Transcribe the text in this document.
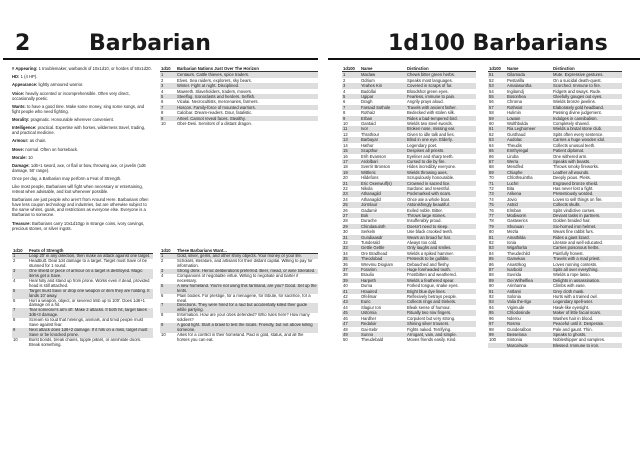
2	Barbarian	1d100 Barbarians

# Appearing: 1 troublemaker, warbands of 10x1d10, or hordes of 50x1d20.

HD: 1 (4 HP).

Appearance: lightly armoured warrior.

Voice: heavily accented or incomprehensible. Often very direct, occasionally poetic.

Wants: to have a good time. Make some money, sing some songs, and fight people who need fighting.

Morality: pragmatic. Honourable wherever convenient.

Intelligence: practical. Expertise with horses, wilderness travel, trading, and practical medicine.

Armour: as chain.

Move: normal. Often on horseback.

Morale: 10

Damage: 1d6+1 sword, axe, or flail or bow, throwing axe, or javelin (1d6 damage, 50' range).

Once per day, a Barbarian may perform a Feat of Strength.

Like most people, Barbarians will fight when necessary or entertaining, retreat when advisable, and loot whenever possible.

Barbarians are just people who aren't from Around Here. Barbarians often have less coupon technology and industries, but are otherwise subject to the same whims, goals, and restrictions as everyone else. Everyone is a Barbarian to someone.

Treasure: Barbarians carry 10x1d10gp in strange coins, ivory carvings, precious stones, or silver ingots.

1d10	Feats of Strength
1	Leap 20' in any direction, then make an attack against one target.
2	Headbutt. Deal 1d4 damage to a target. Target must Save or be stunned for 1 round.
3	One shield or piece of armour on a target is destroyed. Magic items get a Save.
4	Heal fully and stand up from prone. Works even if dead, provided head is still attached.
5	Target must Save or drop one weapon or item they are holding. It lands 10' away.
6	Hurl a weapon, object, or severed limb up to 100'. Does 1d6+1 damage on a hit.
7	Tear someone's arm off. Make 2 attacks. If both hit, target takes 3d6+3 damage.
8	Scream so loud that hirelings, animals, and timid people must Save against fear.
9	Next attack does 1d6+2 damage. If it hits on a miss, target must Save or be knocked prone.
10	Burst bonds, break chains, topple pillars, or annihilate doors. Break something.
1d10	Barbarian Nations Just Over The Horizon
1	Centaurs. Cattle thieves, spice traders.
2	Elves. Sea raiders, explorers, sky bears.
3	Winter. Fight at night. Disciplined.
4	Mawreth. Slaveholders, traders, movers.
5	Steelfog. Iconoclasts and herders. Selfish.
6	Vicalai. Necrocultists, mercenaries, farmers.
7	Hoscon. Family-force of mounted warriors.
8	Calcibar. Dream-readers. Dour, fatalistic.
9	Arteel. Cannot reveal faces. Stealthy.
10	Ober-Desi. Servitors of a distant dragon.
1d10	These Barbarians Want...
1	Gold, silver, gems, and other shiny objects. Your money or your life.
2	Scholars, literature, and artisans for their distant capital. Willing to pay for information.
3	Strong drink. Heroic deliberations preferred. Beer, mead, or wine tolerated.
4	Companions of negotiable virtue. Willing to negotiate and barter if necessary.
5	A new homeland. You're not using this farmland, are you? Good. Set up the tents.
6	Plain bodies. For prestige, for a menagerie, for tribute, for sacrifice, for a meal.
7	Directions. They were hired for a raid but accidentally killed their guide while partying.
8	Information. How are your cities defended? Who rules here? How many soldiers?
9	A good fight. Start a brawl to test the locals. Friendly, but not above killing someone.
10	Allies for a conflict in their homeland. Paid in gold, status, and all the horses you can eat.
1d100	Name	Distinction
1	Maclaw	Chews bitter green herbs.
2	Odrium	Speaks most languages.
3	Yeahes Kin	Covered in scraps of fur.
4	Badollai	Bloodshot green eyes.
5	Ugipar	Fearless, immune to pain.
6	Dragh	Angrily prays aloud.
7	Farsaid Sothole	Travels with ancient father.
8	Rothaiz	Bedecked with stolen silk.
9	Erban	Rides a bad-tempered bird.
10	Gantaid	Wields two steel swords.
11	Ivor	Broken nose, missing ear.
12	Thrathour	Given to idle talk and lies.
13	Barbayar	Blind in one eye. Elderly.
14	Hathur	Legendary poet.
15	Scapthur	Despises all priests.
16	Erih Evanson	Eyeliner and sharp teeth.
17	Ardolbari	Cursed to die by fire.
18	Sverrir Bronson	Hides incredibly everyone.
19	Wittleric	Wields throwing axes.
20	Hildefons	Scrupulously honourable.
21	Eric Oxenwulf(s)	Crowned in sacred lice.
22	Nikola	Sardonic and resentful.
23	Athanagild	Pockmarked with scars.
24	Athanagild	Once ate a whole boar.
25	Jormlaur	Astonishingly beautiful.
26	Gadamir	Exiled noble. Bitter.
27	Bok	Throws large stones.
28	Durache	Insufferably proud.
29	Chindasuinth	Doesn't need to sleep.
30	Serkeln	Use black crooked teeth.
31	Gundiaasdr	Wears an broad fur hat.
32	Tunderald	Always too cold.
33	Gettle Gettle	Only laughs and smiles.
34	Ore Bradhead	Wields a spiked hammer.
35	Theodobad	Pretends to be gullible.
36	Wrevmu Diogiam	Debauched and fleshy.
37	Forarinn	Huge foreheaded tooth.
38	Braulio	Frostbitten and weathered.
39	Harpeth	Wields a feathered spear.
40	Duma	Forked tongue, snake eyes.
41	Hraaired	Bright blue dye lines.
42	Ofelimar	Reflexively betrays people.
43	Euric	Collects rings and trinkets.
44	Slagiur Ion	Bleak sense of humour.
45	Ustornia	Ritually two row fingers.
46	Hardher	Corpulent but very strong.
47	Redaloir	Shining silver trousers.
48	Gai-Sebr	Fights naked. Terrifying.
49	Sunno	Arrogant, vain, and simple.
50	Theudebald	Moves friends easily. Kind.
1d100	Name	Distinction
51	Gilamoda	Mute. Expressive gestures.
52	Pestarilla	On a suicidal death-quest.
53	Amalasuntha	Scorched. Immune to fire.
54	Ingilamdj	Fidgets and sways. Rude.
55	Bosonhea	Gleefully gouges out eyes.
56	Chroma	Wields bronze javelins.
57	Rothsiot	Elaborately gold headband.
58	Hulimin	Passing divine judgement.
59	Lowain	Indulges in cannibalism.
60	Wulthbulda	Completely shaved.
61	Ria Leghomeer	Wields a brutal stone club.
62	Gunthaud	Spits often every sentence.
63	Audolac	Carries a huge wooden idol.
64	Theudis	Collects unusual teeth.
65	Emthyregal	Patient diplomat.
66	Liruba	One withered arm.
67	Werra	Speaks with beasts.
68	Mendfed	Throws smoky fireworks.
69	Chiaphe	Leather all wounds.
70	Chlothsuintha	Deeply pious. Pleits.
71	Luchri	Engraved bronze shield.
72	Bita	Has never lost a fight.
73	Arikena	Pretentiously worded.
74	Jovio	Loves to sell things on fire.
75	Astrid	Collects skulls.
76	Elmban	Spits vindictive curses.
77	Modiworm	Deviant tasks in partners.
78	Gastwerics	Golden braided hair.
79	Shunuan	Six-horned iron helmet.
80	Mezla	Wears fine rabbit furs.
81	Amathilda	Rides a giant lizard.
82	Ionia	Literate and well educated.
83	Wigaftorita	Carries poisonous herbs.
84	Theudechild	Painfully honest.
85	Gamekao	Travels with a mad priest.
86	Anastrkog	Loves running contests.
87	Ivarbold	Spits all over everything.
88	Suvrida	Wields a rope lasso.
89	Gei Wilhelfiea	Delights in assassination.
90	Arinhanna	Climbs with ease.
91	Antlami	Grey cloth mask.
92	Solonia	Hurts with a trained owl.
93	Valia the-Ilgo	Legendary spell-user.
94	Vigimude	Hawk-like eyesight.
95	Chlodosinde	Maker of little facial scars.
96	Ndernu	Washes hair in blood.
97	Rosmo	Peaceful until it. Desperate.
98	Gunderalbon	Pale and gaunt. Thin.
99	Besselona	Speaks to ghosts.
100	Sintonia	Nobleshipper and vampires.
	Marcalrude	Blessed. Immune to iron.
